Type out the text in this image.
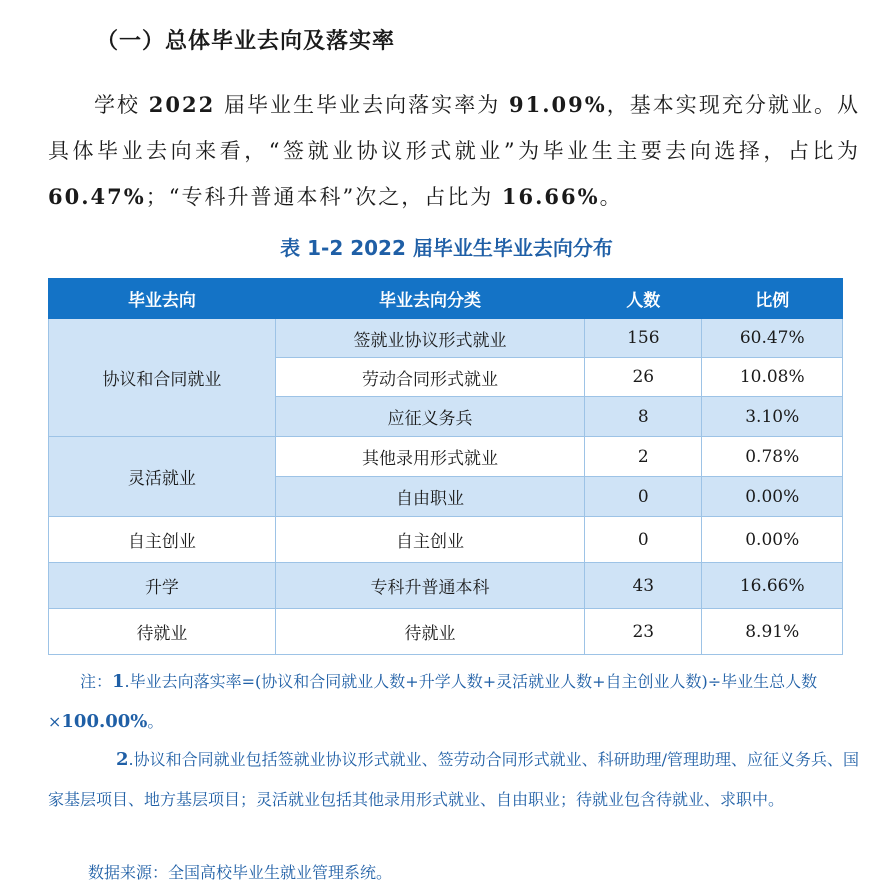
（一）总体毕业去向及落实率
学校 2022 届毕业生毕业去向落实率为 91.09%，基本实现充分就业。从具体毕业去向来看，“签就业协议形式就业”为毕业生主要去向选择，占比为 60.47%；“专科升普通本科”次之，占比为 16.66%。
表 1-2 2022 届毕业生毕业去向分布
毕业去向	毕业去向分类	人数	比例
协议和合同就业	签就业协议形式就业	156	60.47%
	劳动合同形式就业	26	10.08%
	应征义务兵	8	3.10%
灵活就业	其他录用形式就业	2	0.78%
	自由职业	0	0.00%
自主创业	自主创业	0	0.00%
升学	专科升普通本科	43	16.66%
待就业	待就业	23	8.91%
注：1.毕业去向落实率=(协议和合同就业人数+升学人数+灵活就业人数+自主创业人数)÷毕业生总人数×100.00%。
2.协议和合同就业包括签就业协议形式就业、签劳动合同形式就业、科研助理/管理助理、应征义务兵、国家基层项目、地方基层项目；灵活就业包括其他录用形式就业、自由职业；待就业包含待就业、求职中。
数据来源：全国高校毕业生就业管理系统。
